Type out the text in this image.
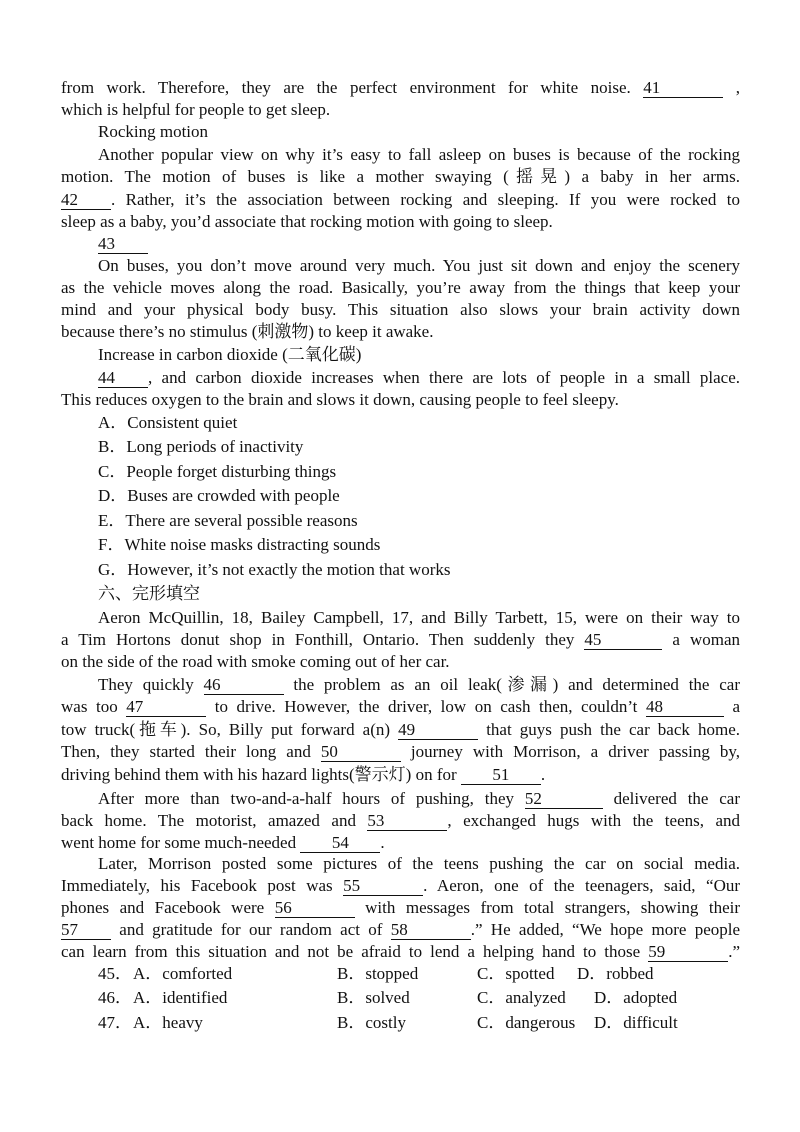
from work. Therefore, they are the perfect environment for white noise. 41	,
which is helpful for people to get sleep.
Rocking motion
Another popular view on why it’s easy to fall asleep on buses is because of the rocking
motion. The motion of buses is like a mother swaying (摇晃) a baby in her arms.
42 . Rather, it’s the association between rocking and sleeping. If you were rocked to
sleep as a baby, you’d associate that rocking motion with going to sleep.
43
On buses, you don’t move around very much. You just sit down and enjoy the scenery
as the vehicle moves along the road. Basically, you’re away from the things that keep your
mind and your physical body busy. This situation also slows your brain activity down
because there’s no stimulus (刺激物) to keep it awake.
Increase in carbon dioxide (二氧化碳)
44 , and carbon dioxide increases when there are lots of people in a small place.
This reduces oxygen to the brain and slows it down, causing people to feel sleepy.
A．Consistent quiet
B．Long periods of inactivity
C．People forget disturbing things
D．Buses are crowded with people
E．There are several possible reasons
F．White noise masks distracting sounds
G．However, it’s not exactly the motion that works
六、完形填空
Aeron McQuillin, 18, Bailey Campbell, 17, and Billy Tarbett, 15, were on their way to
a Tim Hortons donut shop in Fonthill, Ontario. Then suddenly they 45	a woman
on the side of the road with smoke coming out of her car.
They quickly 46	the problem as an oil leak(渗漏) and determined the car
was too 47	to drive. However, the driver, low on cash then, couldn’t 48	a
tow truck(拖车). So, Billy put forward a(n) 49	that guys push the car back home.
Then, they started their long and 50	journey with Morrison, a driver passing by,
driving behind them with his hazard lights(警示灯) on for 51 .
After more than two-and-a-half hours of pushing, they 52	delivered the car
back home. The motorist, amazed and 53	, exchanged hugs with the teens, and
went home for some much-needed 54 .
Later, Morrison posted some pictures of the teens pushing the car on social media.
Immediately, his Facebook post was 55	. Aeron, one of the teenagers, said, “Our
phones and Facebook were 56	with messages from total strangers, showing their
57 and gratitude for our random act of 58	.” He added, “We hope more people
can learn from this situation and not be afraid to lend a helping hand to those 59	.”
45． A．comforted	B．stopped	C．spotted D．robbed
46． A．identified	B．solved	C．analyzed D．adopted
47． A．heavy	B．costly	C．dangerous D．difficult
